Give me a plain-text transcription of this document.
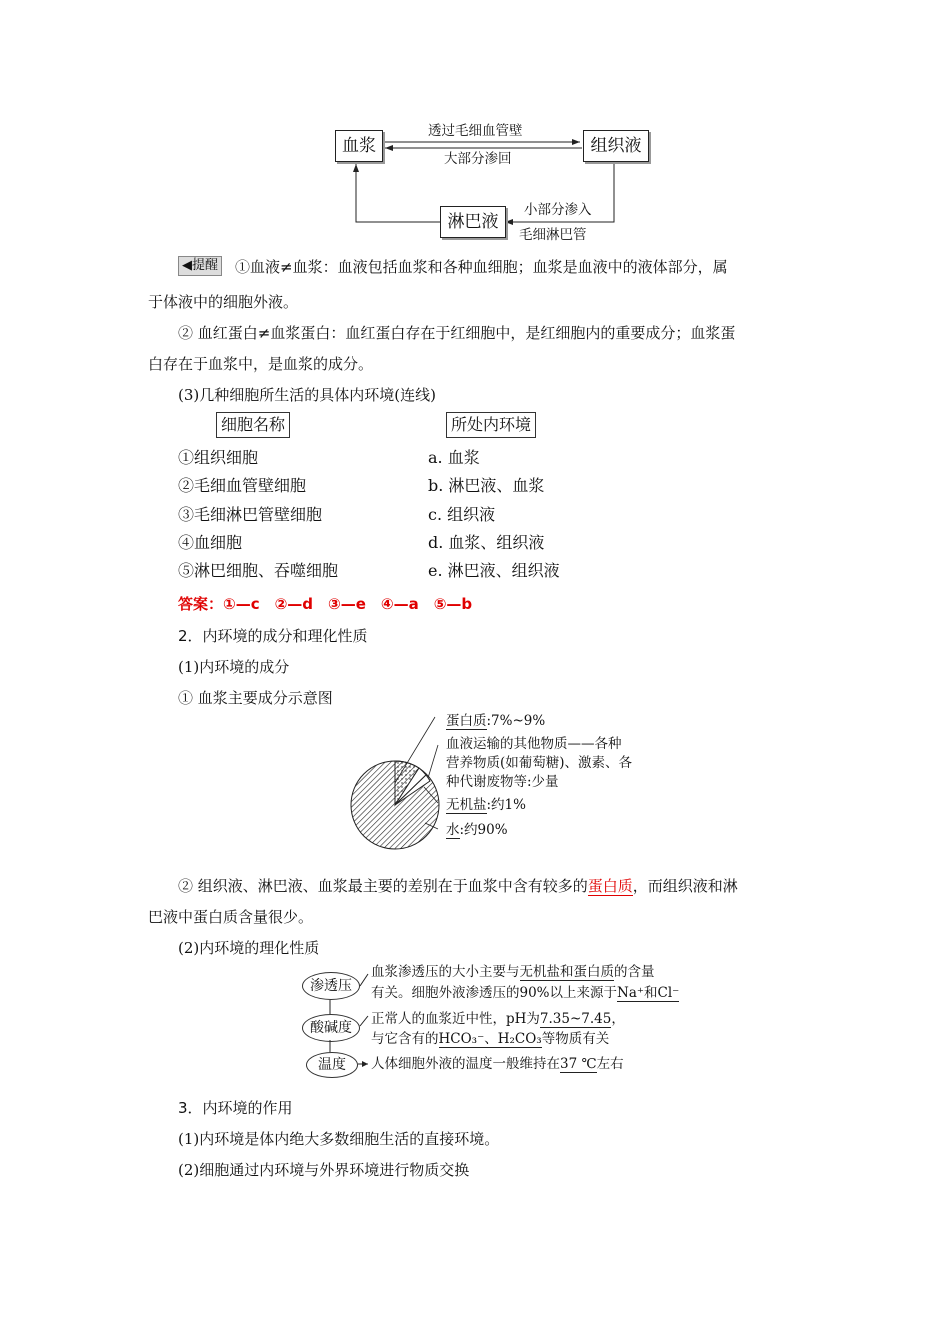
血浆	组织液
淋巴液
透过毛细血管壁
大部分渗回
小部分渗入
毛细淋巴管
◀提醒 ①血液≠血浆：血液包括血浆和各种血细胞；血浆是血液中的液体部分，属
于体液中的细胞外液。
② 血红蛋白≠血浆蛋白：血红蛋白存在于红细胞中，是红细胞内的重要成分；血浆蛋
白存在于血浆中，是血浆的成分。
(3)几种细胞所生活的具体内环境(连线)
细胞名称	所处内环境
①组织细胞
②毛细血管壁细胞
③毛细淋巴管壁细胞
④血细胞
⑤淋巴细胞、吞噬细胞
a. 血浆
b. 淋巴液、血浆
c. 组织液
d. 血浆、组织液
e. 淋巴液、组织液
答案：①—c　②—d　③—e　④—a　⑤—b
2．内环境的成分和理化性质
(1)内环境的成分
① 血浆主要成分示意图
蛋白质:7%~9%
血液运输的其他物质——各种
营养物质(如葡萄糖)、激素、各
种代谢废物等:少量
无机盐:约1%
水:约90%
② 组织液、淋巴液、血浆最主要的差别在于血浆中含有较多的蛋白质，而组织液和淋
巴液中蛋白质含量很少。
(2)内环境的理化性质
渗透压
酸碱度
温度
血浆渗透压的大小主要与无机盐和蛋白质的含量
有关。细胞外液渗透压的90%以上来源于Na⁺和Cl⁻
正常人的血浆近中性，pH为7.35~7.45，
与它含有的HCO₃⁻、H₂CO₃等物质有关
人体细胞外液的温度一般维持在37 ℃左右
3．内环境的作用
(1)内环境是体内绝大多数细胞生活的直接环境。
(2)细胞通过内环境与外界环境进行物质交换
